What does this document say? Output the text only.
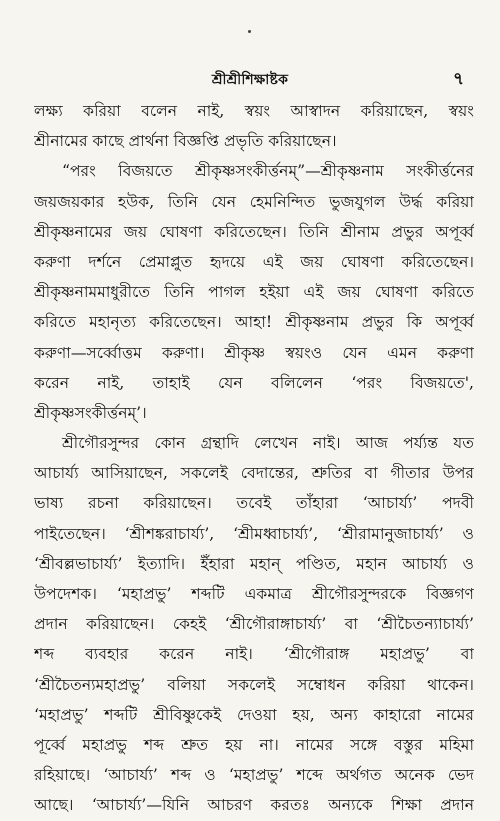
শ্রীশ্রীশিক্ষাষ্টক	৭
লক্ষ্য করিয়া বলেন নাই, স্বয়ং আস্বাদন করিয়াছেন, স্বয়ং
শ্রীনামের কাছে প্রার্থনা বিজ্ঞপ্তি প্রভৃতি করিয়াছেন।
“পরং বিজয়তে শ্রীকৃষ্ণসংকীর্ত্তনম্”—শ্রীকৃষ্ণনাম সংকীর্ত্তনের
জয়জয়কার হউক, তিনি যেন হেমনিন্দিত ভুজযুগল উর্দ্ধ করিয়া
শ্রীকৃষ্ণনামের জয় ঘোষণা করিতেছেন। তিনি শ্রীনাম প্রভুর অপূর্ব্ব
করুণা দর্শনে প্রেমাপ্লুত হৃদয়ে এই জয় ঘোষণা করিতেছেন।
শ্রীকৃষ্ণনামমাধুরীতে তিনি পাগল হইয়া এই জয় ঘোষণা করিতে
করিতে মহানৃত্য করিতেছেন। আহা! শ্রীকৃষ্ণনাম প্রভুর কি অপূর্ব্ব
করুণা—সর্ব্বোত্তম করুণা। শ্রীকৃষ্ণ স্বয়ংও যেন এমন করুণা
করেন নাই, তাহাই যেন বলিলেন ‘পরং বিজয়তে',
শ্রীকৃষ্ণসংকীর্ত্তনম্’।
শ্রীগৌরসুন্দর কোন গ্রন্থাদি লেখেন নাই। আজ পর্য্যন্ত যত
আচার্য্য আসিয়াছেন, সকলেই বেদান্তের, শ্রুতির বা গীতার উপর
ভাষ্য রচনা করিয়াছেন। তবেই তাঁহারা ‘আচার্য্য’ পদবী
পাইতেছেন। ‘শ্রীশঙ্করাচার্য্য’, ‘শ্রীমধ্বাচার্য্য’, ‘শ্রীরামানুজাচার্য্য’ ও
‘শ্রীবল্লভাচার্য্য’ ইত্যাদি। ইঁহারা মহান্ পণ্ডিত, মহান আচার্য্য ও
উপদেশক। ‘মহাপ্রভু’ শব্দটি একমাত্র শ্রীগৌরসুন্দরকে বিজ্ঞগণ
প্রদান করিয়াছেন। কেহই ‘শ্রীগৌরাঙ্গাচার্য্য’ বা ‘শ্রীচৈতন্যাচার্য্য’
শব্দ ব্যবহার করেন নাই। ‘শ্রীগৌরাঙ্গ মহাপ্রভু’ বা
‘শ্রীচৈতন্যমহাপ্রভু’ বলিয়া সকলেই সম্বোধন করিয়া থাকেন।
‘মহাপ্রভু’ শব্দটি শ্রীবিষ্ণুকেই দেওয়া হয়, অন্য কাহারো নামের
পূর্ব্বে মহাপ্রভু শব্দ শ্রুত হয় না। নামের সঙ্গে বস্তুর মহিমা
রহিয়াছে। ‘আচার্য্য’ শব্দ ও ‘মহাপ্রভু’ শব্দে অর্থগত অনেক ভেদ
আছে। ‘আচার্য্য’—যিনি আচরণ করতঃ অন্যকে শিক্ষা প্রদান
